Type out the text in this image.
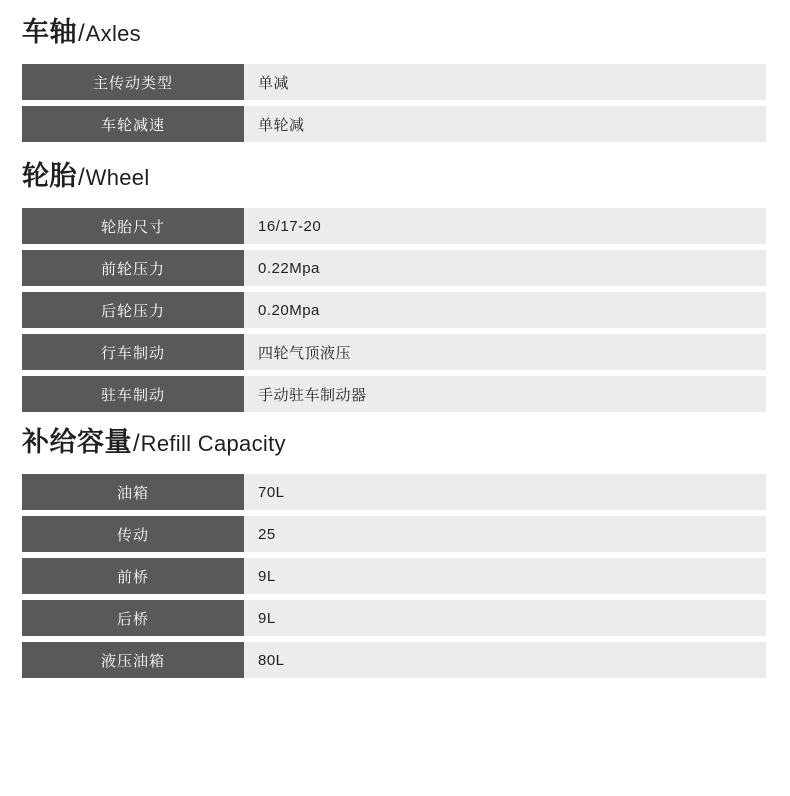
车轴 / Axles
主传动类型	单减
车轮减速	单轮减
轮胎 / Wheel
轮胎尺寸	16/17-20
前轮压力	0.22Mpa
后轮压力	0.20Mpa
行车制动	四轮气顶液压
驻车制动	手动驻车制动器
补给容量 / Refill Capacity
油箱	70L
传动	25
前桥	9L
后桥	9L
液压油箱	80L
